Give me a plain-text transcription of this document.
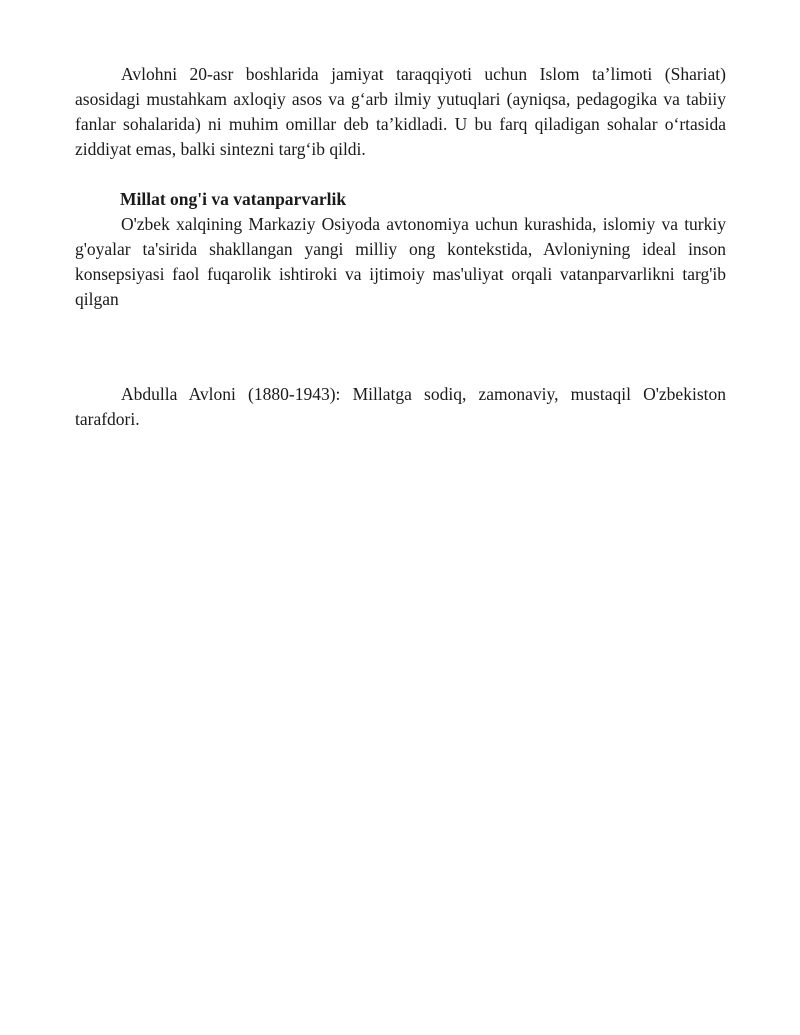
Avlohni 20-asr boshlarida jamiyat taraqqiyoti uchun Islom ta’limoti (Shariat) asosidagi mustahkam axloqiy asos va g‘arb ilmiy yutuqlari (ayniqsa, pedagogika va tabiiy fanlar sohalarida) ni muhim omillar deb ta’kidladi. U bu farq qiladigan sohalar o‘rtasida ziddiyat emas, balki sintezni targ‘ib qildi.

Millat ong'i va vatanparvarlik

O'zbek xalqining Markaziy Osiyoda avtonomiya uchun kurashida, islomiy va turkiy g'oyalar ta'sirida shakllangan yangi milliy ong kontekstida, Avloniyning ideal inson konsepsiyasi faol fuqarolik ishtiroki va ijtimoiy mas'uliyat orqali vatanparvarlikni targ'ib qilgan

Abdulla Avloni (1880-1943): Millatga sodiq, zamonaviy, mustaqil O'zbekiston tarafdori.
